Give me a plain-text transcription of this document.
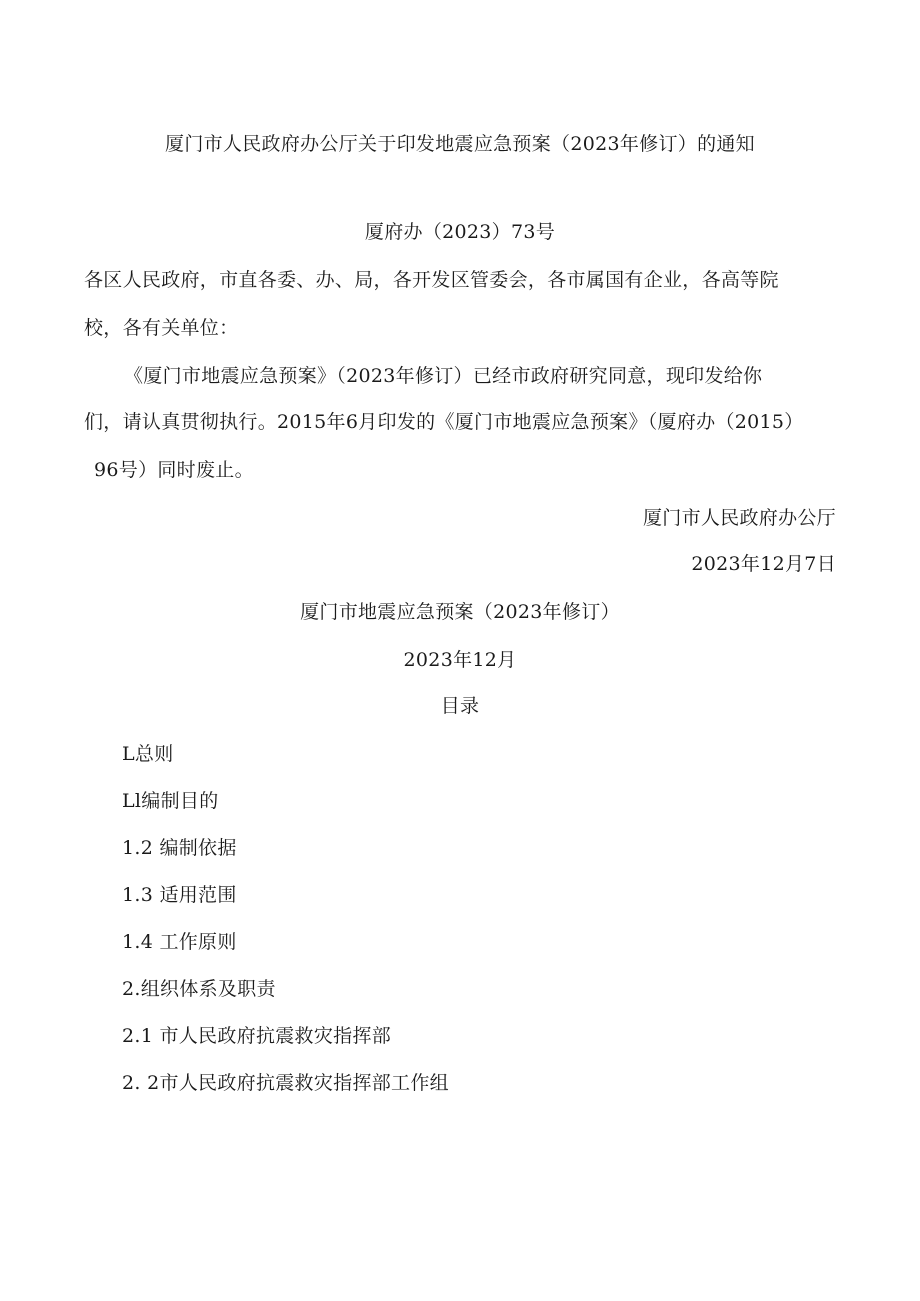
厦门市人民政府办公厅关于印发地震应急预案（2023年修订）的通知
厦府办（2023）73号
各区人民政府，市直各委、办、局，各开发区管委会，各市属国有企业，各高等院
校，各有关单位：
《厦门市地震应急预案》（2023年修订）已经市政府研究同意，现印发给你
们，请认真贯彻执行。2015年6月印发的《厦门市地震应急预案》（厦府办（2015）
96号）同时废止。
厦门市人民政府办公厅
2023年12月7日
厦门市地震应急预案（2023年修订）
2023年12月
目录
L总则
Ll编制目的
1.2 编制依据
1.3 适用范围
1.4 工作原则
2.组织体系及职责
2.1 市人民政府抗震救灾指挥部
2. 2市人民政府抗震救灾指挥部工作组
